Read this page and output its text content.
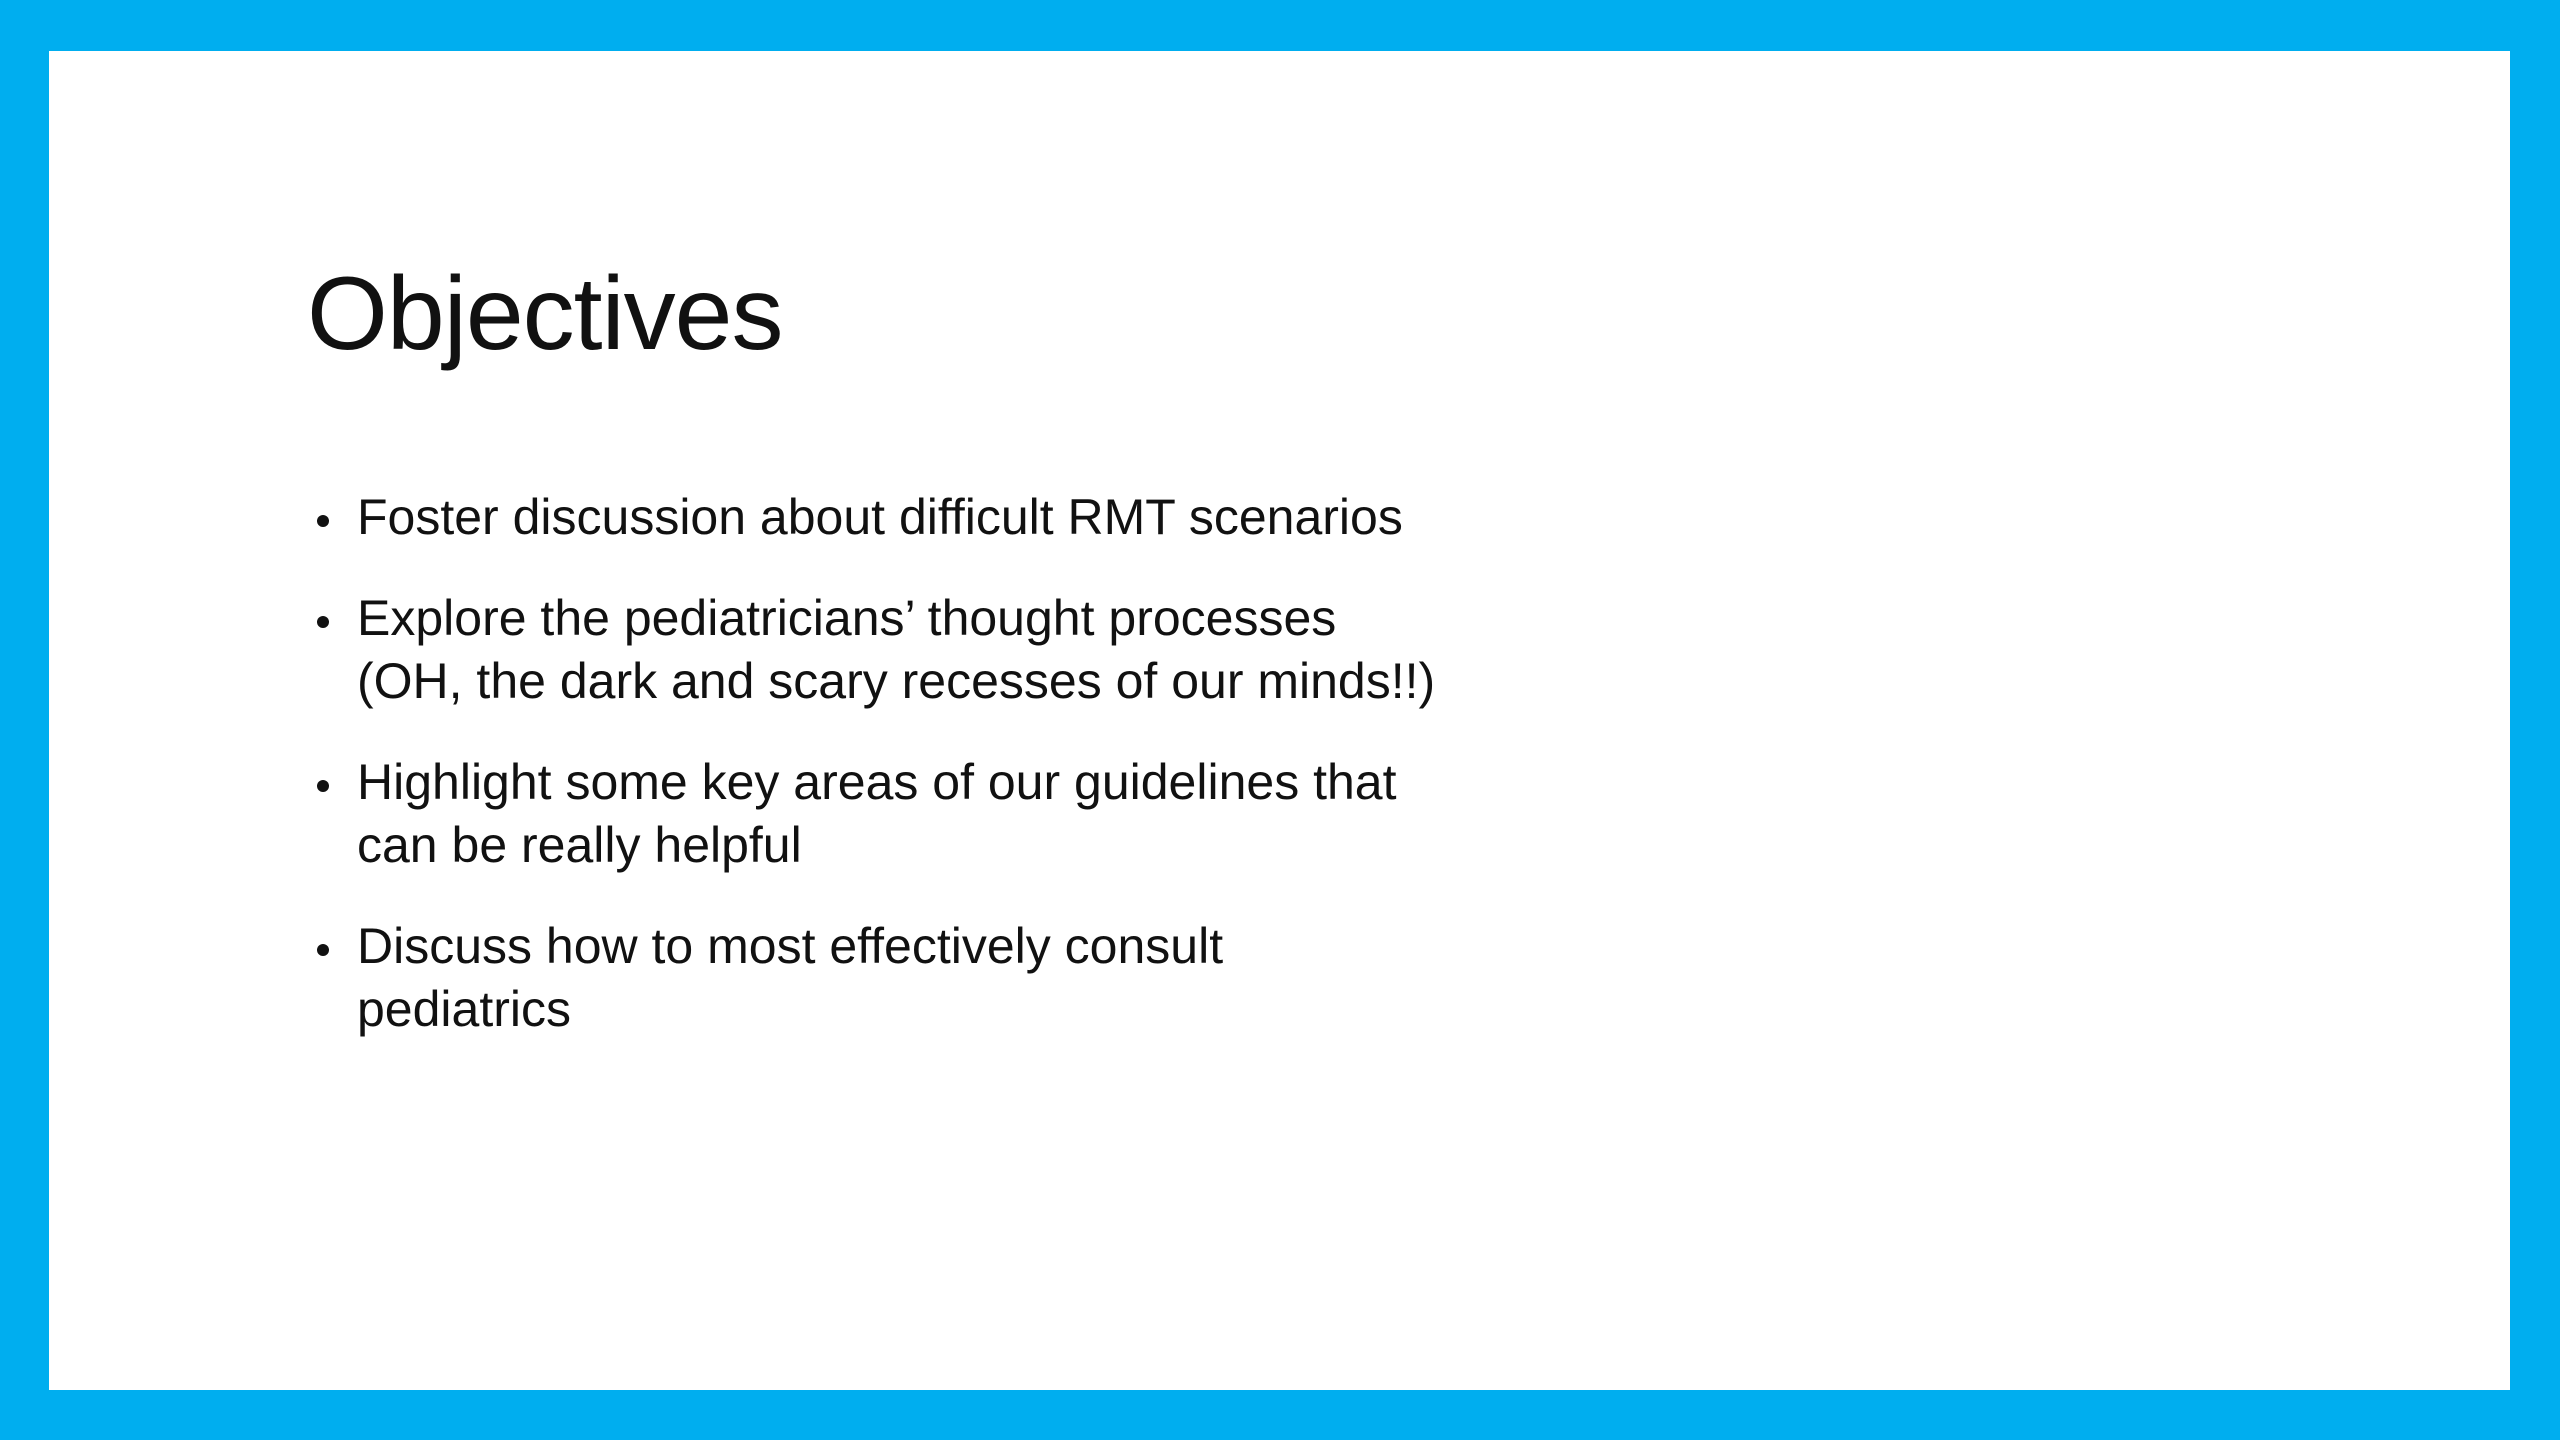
Objectives
Foster discussion about difficult RMT scenarios
Explore the pediatricians’ thought processes
(OH, the dark and scary recesses of our minds!!)
Highlight some key areas of our guidelines that
can be really helpful
Discuss how to most effectively consult
pediatrics
